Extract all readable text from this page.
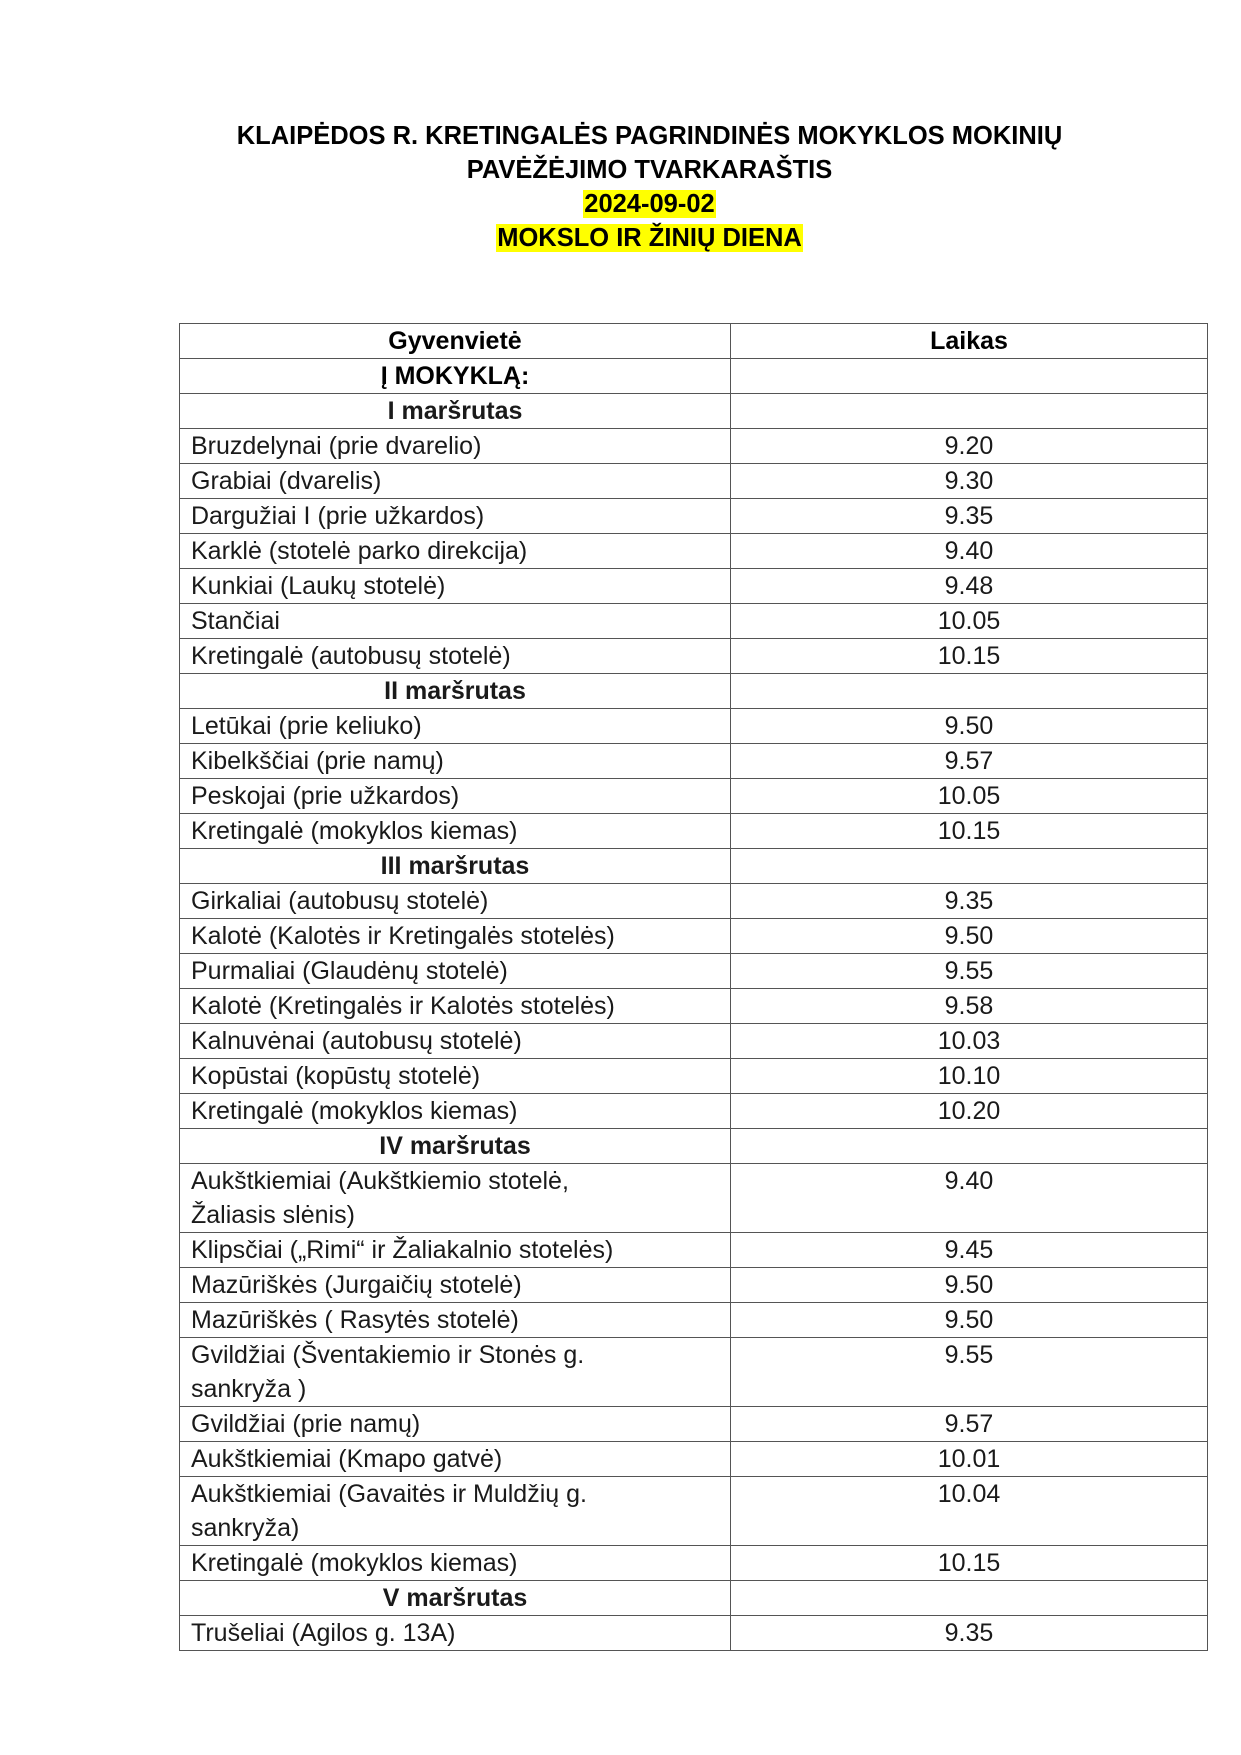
KLAIPĖDOS R. KRETINGALĖS PAGRINDINĖS MOKYKLOS MOKINIŲ

PAVĖŽĖJIMO TVARKARAŠTIS

2024-09-02

MOKSLO IR ŽINIŲ DIENA

Gyvenvietė	Laikas
Į MOKYKLĄ:	
I maršrutas	
Bruzdelynai (prie dvarelio)	9.20
Grabiai (dvarelis)	9.30
Dargužiai I (prie užkardos)	9.35
Karklė (stotelė parko direkcija)	9.40
Kunkiai (Laukų stotelė)	9.48
Stančiai	10.05
Kretingalė (autobusų stotelė)	10.15
II maršrutas	
Letūkai (prie keliuko)	9.50
Kibelkščiai (prie namų)	9.57
Peskojai (prie užkardos)	10.05
Kretingalė (mokyklos kiemas)	10.15
III maršrutas	
Girkaliai (autobusų stotelė)	9.35
Kalotė (Kalotės ir Kretingalės stotelės)	9.50
Purmaliai (Glaudėnų stotelė)	9.55
Kalotė (Kretingalės ir Kalotės stotelės)	9.58
Kalnuvėnai (autobusų stotelė)	10.03
Kopūstai (kopūstų stotelė)	10.10
Kretingalė (mokyklos kiemas)	10.20
IV maršrutas	
Aukštkiemiai (Aukštkiemio stotelė,
Žaliasis slėnis)	9.40
Klipsčiai („Rimi“ ir Žaliakalnio stotelės)	9.45
Mazūriškės (Jurgaičių stotelė)	9.50
Mazūriškės ( Rasytės stotelė)	9.50
Gvildžiai (Šventakiemio ir Stonės g.
sankryža )	9.55
Gvildžiai (prie namų)	9.57
Aukštkiemiai (Kmapo gatvė)	10.01
Aukštkiemiai (Gavaitės ir Muldžių g.
sankryža)	10.04
Kretingalė (mokyklos kiemas)	10.15
V maršrutas	
Trušeliai (Agilos g. 13A)	9.35
